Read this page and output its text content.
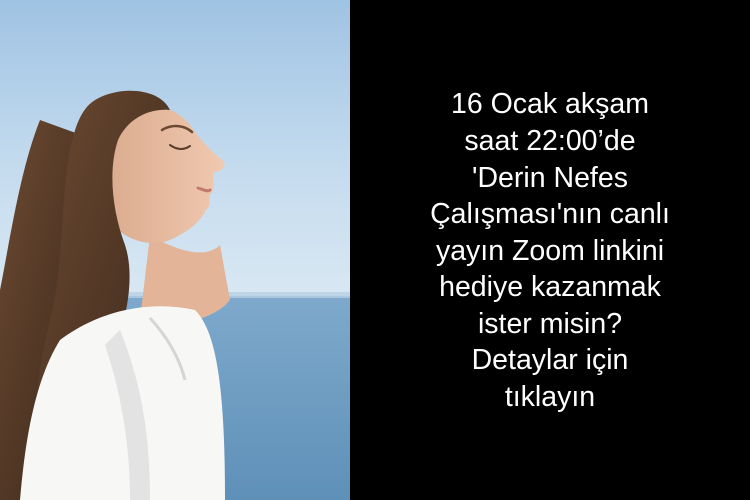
16 Ocak akşam
saat 22:00’de
'Derin Nefes
Çalışması'nın canlı
yayın Zoom linkini
hediye kazanmak
ister misin?
Detaylar için
tıklayın
